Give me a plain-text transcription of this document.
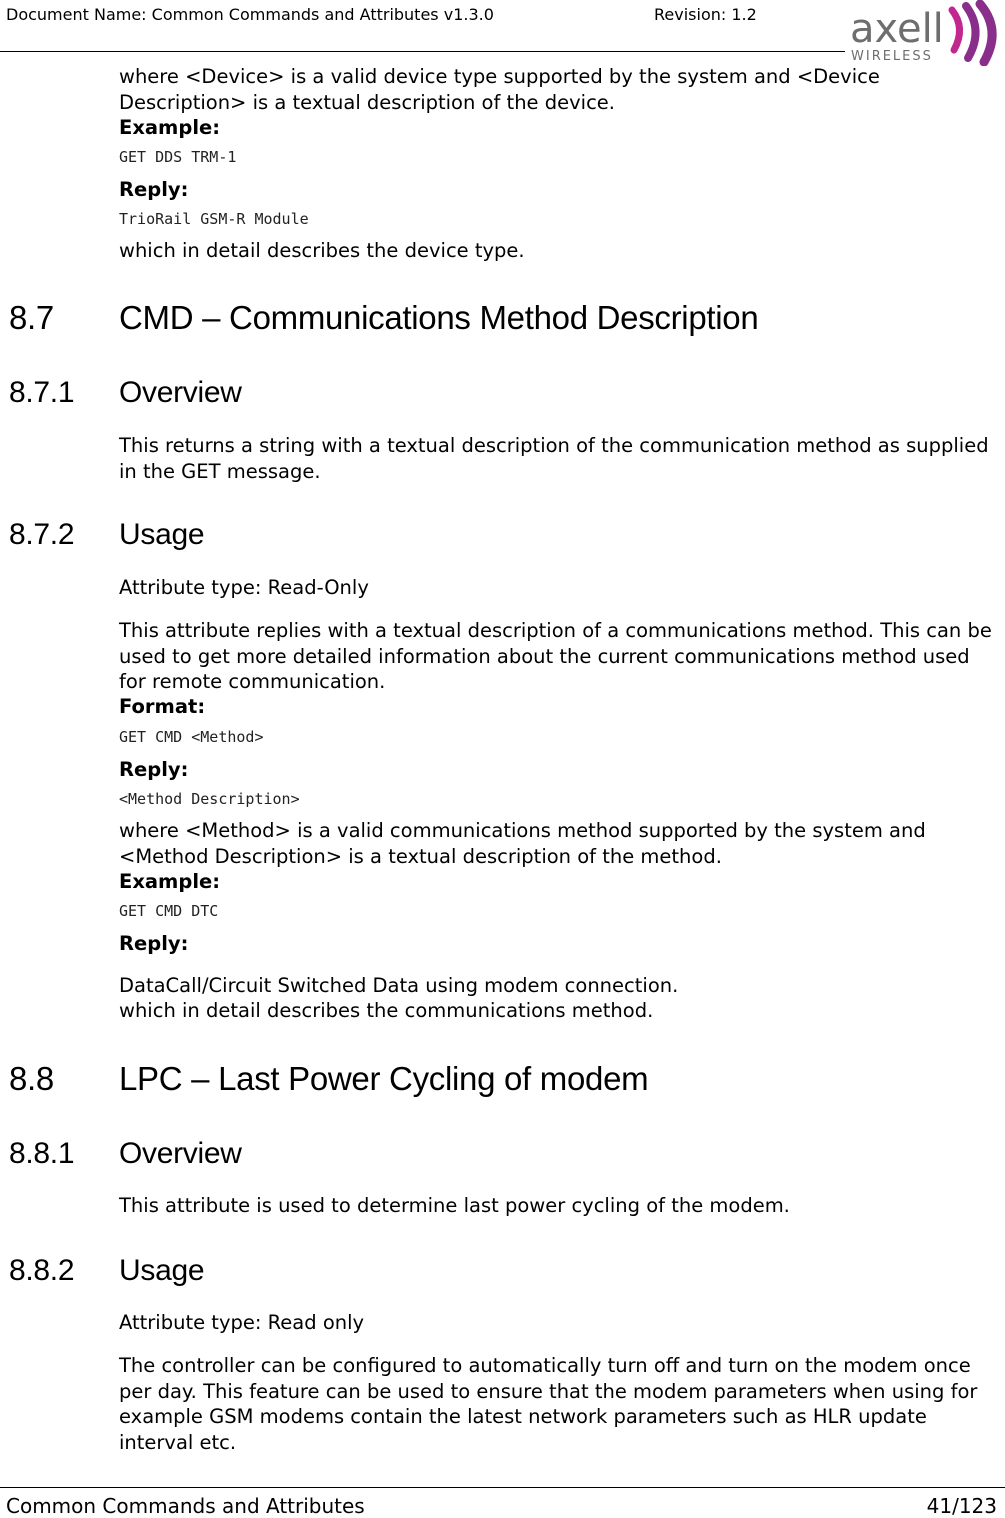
Document Name: Common Commands and Attributes v1.3.0	Revision: 1.2 axell
WIRELESS
where <Device> is a valid device type supported by the system and <Device Description> is a textual description of the device.
Example:
GET DDS TRM-1
Reply:
TrioRail GSM-R Module
which in detail describes the device type.
8.7 CMD – Communications Method Description
8.7.1 Overview
This returns a string with a textual description of the communication method as supplied in the GET message.
8.7.2 Usage
Attribute type: Read-Only
This attribute replies with a textual description of a communications method. This can be used to get more detailed information about the current communications method used for remote communication.
Format:
GET CMD <Method>
Reply:
<Method Description>
where <Method> is a valid communications method supported by the system and <Method Description> is a textual description of the method.
Example:
GET CMD DTC
Reply:
DataCall/Circuit Switched Data using modem connection.
which in detail describes the communications method.
8.8 LPC – Last Power Cycling of modem
8.8.1 Overview
This attribute is used to determine last power cycling of the modem.
8.8.2 Usage
Attribute type: Read only
The controller can be configured to automatically turn off and turn on the modem once per day. This feature can be used to ensure that the modem parameters when using for example GSM modems contain the latest network parameters such as HLR update interval etc.
Common Commands and Attributes	41/123
